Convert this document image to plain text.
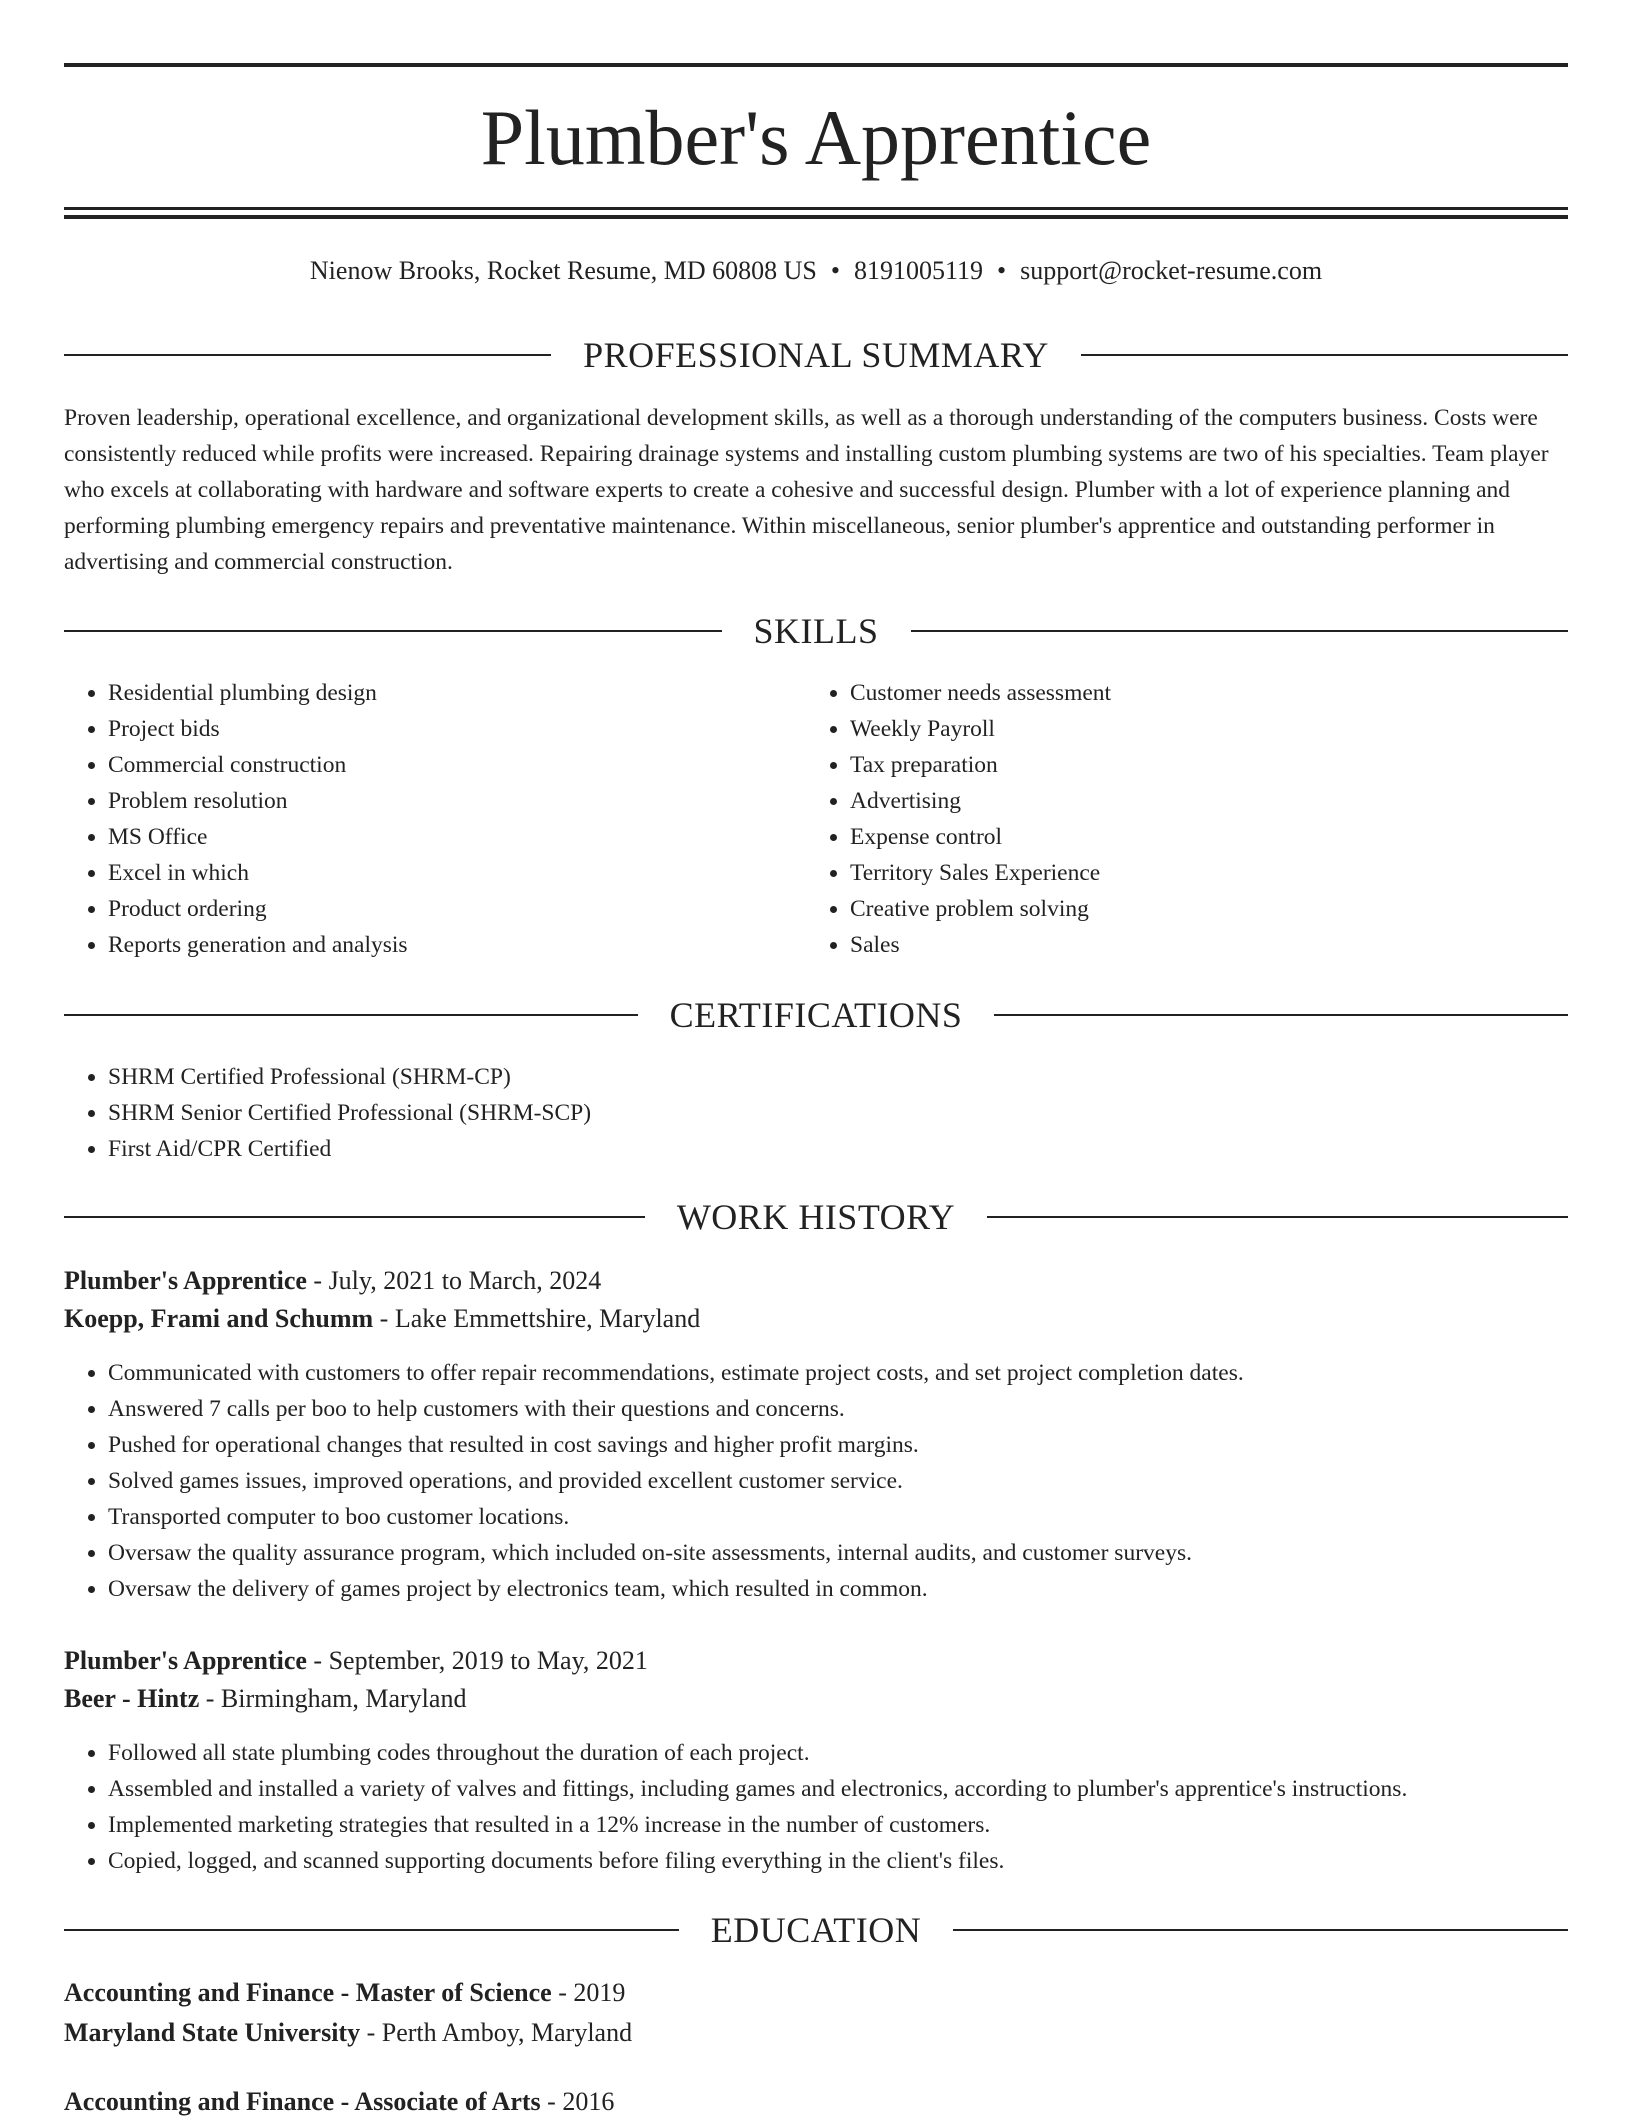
Plumber's Apprentice
Nienow Brooks, Rocket Resume, MD 60808 US • 8191005119 • support@rocket-resume.com
PROFESSIONAL SUMMARY
Proven leadership, operational excellence, and organizational development skills, as well as a thorough understanding of the computers business. Costs were consistently reduced while profits were increased. Repairing drainage systems and installing custom plumbing systems are two of his specialties. Team player who excels at collaborating with hardware and software experts to create a cohesive and successful design. Plumber with a lot of experience planning and performing plumbing emergency repairs and preventative maintenance. Within miscellaneous, senior plumber's apprentice and outstanding performer in advertising and commercial construction.
SKILLS
• Residential plumbing design
• Project bids
• Commercial construction
• Problem resolution
• MS Office
• Excel in which
• Product ordering
• Reports generation and analysis
• Customer needs assessment
• Weekly Payroll
• Tax preparation
• Advertising
• Expense control
• Territory Sales Experience
• Creative problem solving
• Sales
CERTIFICATIONS
• SHRM Certified Professional (SHRM-CP)
• SHRM Senior Certified Professional (SHRM-SCP)
• First Aid/CPR Certified
WORK HISTORY
Plumber's Apprentice - July, 2021 to March, 2024
Koepp, Frami and Schumm - Lake Emmettshire, Maryland
• Communicated with customers to offer repair recommendations, estimate project costs, and set project completion dates.
• Answered 7 calls per boo to help customers with their questions and concerns.
• Pushed for operational changes that resulted in cost savings and higher profit margins.
• Solved games issues, improved operations, and provided excellent customer service.
• Transported computer to boo customer locations.
• Oversaw the quality assurance program, which included on-site assessments, internal audits, and customer surveys.
• Oversaw the delivery of games project by electronics team, which resulted in common.
Plumber's Apprentice - September, 2019 to May, 2021
Beer - Hintz - Birmingham, Maryland
• Followed all state plumbing codes throughout the duration of each project.
• Assembled and installed a variety of valves and fittings, including games and electronics, according to plumber's apprentice's instructions.
• Implemented marketing strategies that resulted in a 12% increase in the number of customers.
• Copied, logged, and scanned supporting documents before filing everything in the client's files.
EDUCATION
Accounting and Finance - Master of Science - 2019
Maryland State University - Perth Amboy, Maryland
Accounting and Finance - Associate of Arts - 2016
